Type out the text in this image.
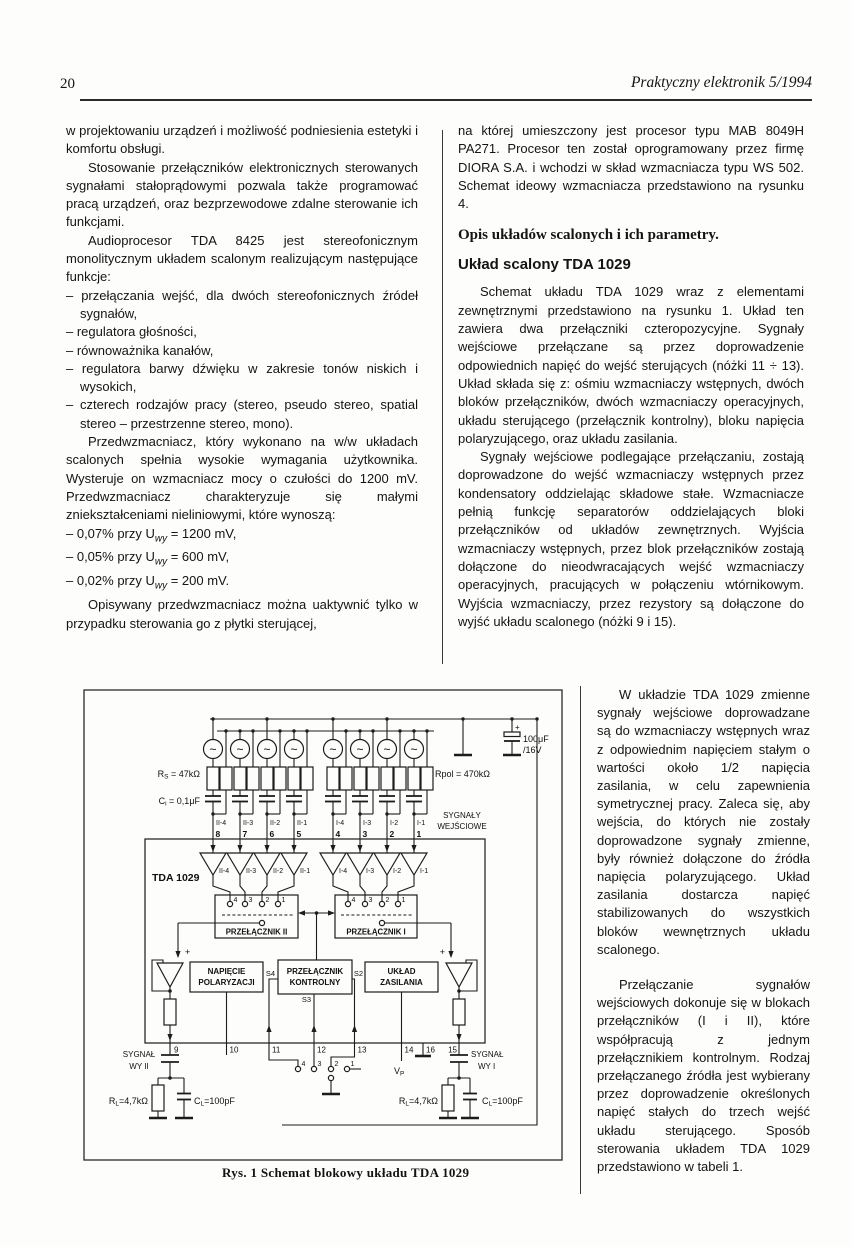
20	Praktyczny elektronik 5/1994

w projektowaniu urządzeń i możliwość podniesienia estetyki i komfortu obsługi.

Stosowanie przełączników elektronicznych sterowanych sygnałami stałoprądowymi pozwala także programować pracą urządzeń, oraz bezprzewodowe zdalne sterowanie ich funkcjami.

Audioprocesor TDA 8425 jest stereofonicznym monolitycznym układem scalonym realizującym następujące funkcje:

– przełączania wejść, dla dwóch stereofonicznych źródeł sygnałów,
– regulatora głośności,
– równoważnika kanałów,
– regulatora barwy dźwięku w zakresie tonów niskich i wysokich,
– czterech rodzajów pracy (stereo, pseudo stereo, spatial stereo – przestrzenne stereo, mono).

Przedwzmacniacz, który wykonano na w/w układach scalonych spełnia wysokie wymagania użytkownika. Wysteruje on wzmacniacz mocy o czułości do 1200 mV. Przedwzmacniacz charakteryzuje się małymi zniekształceniami nieliniowymi, które wynoszą:

– 0,07% przy $U_{wy} = 1200$ mV,
– 0,05% przy $U_{wy} = 600$ mV,
– 0,02% przy $U_{wy} = 200$ mV.

Opisywany przedwzmacniacz można uaktywnić tylko w przypadku sterowania go z płytki sterującej,

na której umieszczony jest procesor typu MAB 8049H PA271. Procesor ten został oprogramowany przez firmę DIORA S.A. i wchodzi w skład wzmacniacza typu WS 502. Schemat ideowy wzmacniacza przedstawiono na rysunku 4.

Opis układów scalonych i ich parametry.
Układ scalony TDA 1029

Schemat układu TDA 1029 wraz z elementami zewnętrznymi przedstawiono na rysunku 1. Układ ten zawiera dwa przełączniki czteropozycyjne. Sygnały wejściowe przełączane są przez doprowadzenie odpowiednich napięć do wejść sterujących (nóżki 11 ÷ 13). Układ składa się z: ośmiu wzmacniaczy wstępnych, dwóch bloków przełączników, dwóch wzmacniaczy operacyjnych, układu sterującego (przełącznik kontrolny), bloku napięcia polaryzującego, oraz układu zasilania.

Sygnały wejściowe podlegające przełączaniu, zostają doprowadzone do wejść wzmacniaczy wstępnych przez kondensatory oddzielając składowe stałe. Wzmacniacze pełnią funkcję separatorów oddzielających bloki przełączników od układów zewnętrznych. Wyjścia wzmacniaczy wstępnych, przez blok przełączników zostają dołączone do nieodwracających wejść wzmacniaczy operacyjnych, pracujących w połączeniu wtórnikowym. Wyjścia wzmacniaczy, przez rezystory są dołączone do wyjść układu scalonego (nóżki 9 i 15).

W układzie TDA 1029 zmienne sygnały wejściowe doprowadzane są do wzmacniaczy wstępnych wraz z odpowiednim napięciem stałym o wartości około 1/2 napięcia zasilania, w celu zapewnienia symetrycznej pracy. Zaleca się, aby wejścia, do których nie zostały doprowadzone sygnały zmienne, były również dołączone do źródła napięcia polaryzującego. Układ zasilania dostarcza napięć stabilizowanych do wszystkich bloków wewnętrznych układu scalonego.

Przełączanie sygnałów wejściowych dokonuje się w blokach przełączników (I i II), które współpracują z jednym przełącznikiem kontrolnym. Rodzaj przełączanego źródła jest wybierany przez doprowadzenie określonych napięć stałych do trzech wejść układu sterującego. Sposób sterowania układem TDA 1029 przedstawiono w tabeli 1.

+
100μF
/16V
RS = 47kΩ
Ci = 0,1μF
Rpol = 470kΩ
SYGNAŁY
WEJŚCIOWE
TDA 1029
4 3 2 1
PRZEŁĄCZNIK II
4 3 2 1
PRZEŁĄCZNIK I
NAPIĘCIE
POLARYZACJI
PRZEŁĄCZNIK
KONTROLNY
UKŁAD
ZASILANIA
S4	S2
S3
+	+
9	10	11	12	13	14 16 15
VP
4 3 2 1
SYGNAŁ
WY II
RL=4,7kΩ	CL=100pF
SYGNAŁ
WY I
RL=4,7kΩ	CL=100pF
~
II-4
8
II-4
~
II-3
7
II-3
~
II-2
6
II-2
~
II-1
5
II-1
~
I-4
4
I-4
~
I-3
3
I-3
~
I-2
2
I-2
~
I-1
1
I-1
Rys. 1 Schemat blokowy układu TDA 1029
